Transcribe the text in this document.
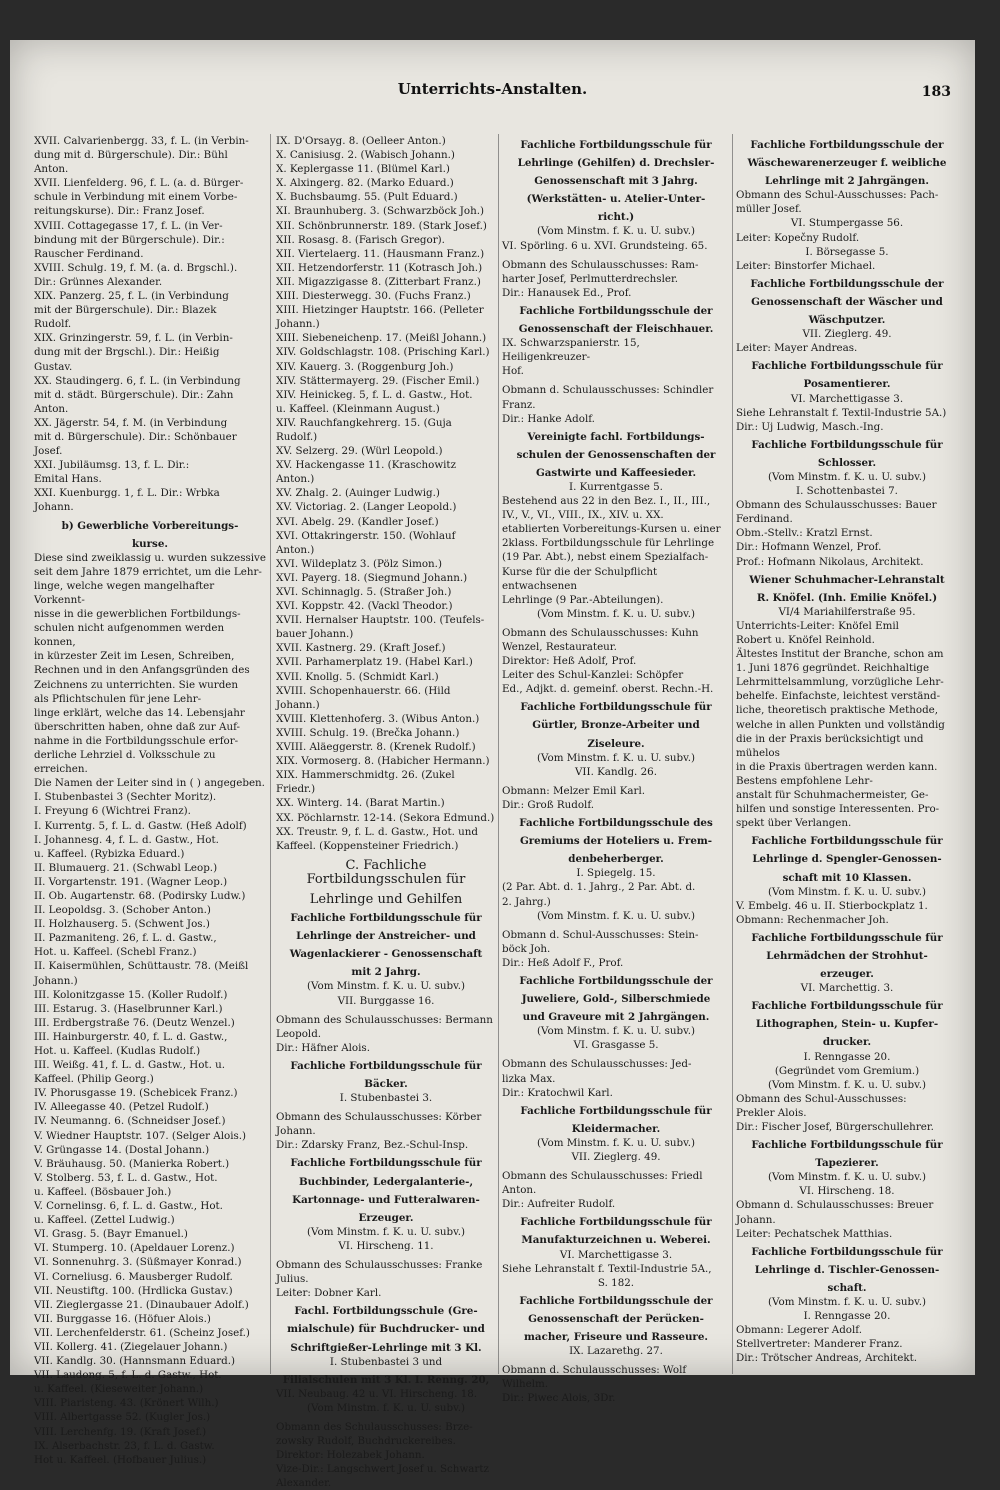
Unterrichts-Anstalten.	183
XVII. Calvarienbergg. 33, f. L. (in Verbin-
dung mit d. Bürgerschule). Dir.: Bühl
Anton.
XVII. Lienfelderg. 96, f. L. (a. d. Bürger-
schule in Verbindung mit einem Vorbe-
reitungskurse). Dir.: Franz Josef.
XVIII. Cottagegasse 17, f. L. (in Ver-
bindung mit der Bürgerschule). Dir.:
Rauscher Ferdinand.
XVIII. Schulg. 19, f. M. (a. d. Brgschl.).
Dir.: Grünnes Alexander.
XIX. Panzerg. 25, f. L. (in Verbindung
mit der Bürgerschule). Dir.: Blazek
Rudolf.
XIX. Grinzingerstr. 59, f. L. (in Verbin-
dung mit der Brgschl.). Dir.: Heißig
Gustav.
XX. Staudingerg. 6, f. L. (in Verbindung
mit d. städt. Bürgerschule). Dir.: Zahn
Anton.
XX. Jägerstr. 54, f. M. (in Verbindung
mit d. Bürgerschule). Dir.: Schönbauer
Josef.
XXI. Jubiläumsg. 13, f. L. Dir.:
Emital Hans.
XXI. Kuenburgg. 1, f. L. Dir.: Wrbka
Johann.
b) Gewerbliche Vorbereitungs-
kurse.
Diese sind zweiklassig u. wurden sukzessive
seit dem Jahre 1879 errichtet, um die Lehr-
linge, welche wegen mangelhafter Vorkennt-
nisse in die gewerblichen Fortbildungs-
schulen nicht aufgenommen werden konnen,
in kürzester Zeit im Lesen, Schreiben,
Rechnen und in den Anfangsgründen des
Zeichnens zu unterrichten. Sie wurden
als Pflichtschulen für jene Lehr-
linge erklärt, welche das 14. Lebensjahr
überschritten haben, ohne daß zur Auf-
nahme in die Fortbildungsschule erfor-
derliche Lehrziel d. Volksschule zu erreichen.
Die Namen der Leiter sind in ( ) angegeben.
I. Stubenbastei 3 (Sechter Moritz).
I. Freyung 6 (Wichtrei Franz).
I. Kurrentg. 5, f. L. d. Gastw. (Heß Adolf)
I. Johannesg. 4, f. L. d. Gastw., Hot.
u. Kaffeel. (Rybizka Eduard.)
II. Blumauerg. 21. (Schwabl Leop.)
II. Vorgartenstr. 191. (Wagner Leop.)
II. Ob. Augartenstr. 68. (Podirsky Ludw.)
II. Leopoldsg. 3. (Schober Anton.)
II. Holzhauserg. 5. (Schwent Jos.)
II. Pazmaniteng. 26, f. L. d. Gastw.,
Hot. u. Kaffeel. (Schebl Franz.)
II. Kaisermühlen, Schüttaustr. 78. (Meißl
Johann.)
III. Kolonitzgasse 15. (Koller Rudolf.)
III. Estarug. 3. (Haselbrunner Karl.)
III. Erdbergstraße 76. (Deutz Wenzel.)
III. Hainburgerstr. 40, f. L. d. Gastw.,
Hot. u. Kaffeel. (Kudlas Rudolf.)
III. Weißg. 41, f. L. d. Gastw., Hot. u.
Kaffeel. (Philip Georg.)
IV. Phorusgasse 19. (Schebicek Franz.)
IV. Alleegasse 40. (Petzel Rudolf.)
IV. Neumanng. 6. (Schneidser Josef.)
V. Wiedner Hauptstr. 107. (Selger Alois.)
V. Grüngasse 14. (Dostal Johann.)
V. Bräuhausg. 50. (Manierka Robert.)
V. Stolberg. 53, f. L. d. Gastw., Hot.
u. Kaffeel. (Bösbauer Joh.)
V. Cornelinsg. 6, f. L. d. Gastw., Hot.
u. Kaffeel. (Zettel Ludwig.)
VI. Grasg. 5. (Bayr Emanuel.)
VI. Stumperg. 10. (Apeldauer Lorenz.)
VI. Sonnenuhrg. 3. (Süßmayer Konrad.)
VI. Corneliusg. 6. Mausberger Rudolf.
VII. Neustiftg. 100. (Hrdlicka Gustav.)
VII. Zieglergasse 21. (Dinaubauer Adolf.)
VII. Burggasse 16. (Höfuer Alois.)
VII. Lerchenfelderstr. 61. (Scheinz Josef.)
VII. Kollerg. 41. (Ziegelauer Johann.)
VII. Kandlg. 30. (Hannsmann Eduard.)
VII. Laudong. 5, f. L. d. Gastw., Hot.
u. Kaffeel. (Kieseweiter Johann.)
VIII. Piaristeng. 43. (Krönert Wilh.)
VIII. Albertgasse 52. (Kugler Jos.)
VIII. Lerchenfg. 19. (Kraft Josef.)
IX. Alserbachstr. 23, f. L. d. Gastw.
Hot u. Kaffeel. (Hofbauer Julius.)
IX. D'Orsayg. 8. (Oelleer Anton.)
X. Canisiusg. 2. (Wabisch Johann.)
X. Keplergasse 11. (Blümel Karl.)
X. Alxingerg. 82. (Marko Eduard.)
X. Buchsbaumg. 55. (Pult Eduard.)
XI. Braunhuberg. 3. (Schwarzböck Joh.)
XII. Schönbrunnerstr. 189. (Stark Josef.)
XII. Rosasg. 8. (Farisch Gregor).
XII. Viertelaerg. 11. (Hausmann Franz.)
XII. Hetzendorferstr. 11 (Kotrasch Joh.)
XII. Migazzigasse 8. (Zitterbart Franz.)
XIII. Diesterwegg. 30. (Fuchs Franz.)
XIII. Hietzinger Hauptstr. 166. (Pelleter
Johann.)
XIII. Siebeneichenp. 17. (Meißl Johann.)
XIV. Goldschlagstr. 108. (Prisching Karl.)
XIV. Kauerg. 3. (Roggenburg Joh.)
XIV. Stättermayerg. 29. (Fischer Emil.)
XIV. Heinickeg. 5, f. L. d. Gastw., Hot.
u. Kaffeel. (Kleinmann August.)
XIV. Rauchfangkehrerg. 15. (Guja Rudolf.)
XV. Selzerg. 29. (Würl Leopold.)
XV. Hackengasse 11. (Kraschowitz Anton.)
XV. Zhalg. 2. (Auinger Ludwig.)
XV. Victoriag. 2. (Langer Leopold.)
XVI. Abelg. 29. (Kandler Josef.)
XVI. Ottakringerstr. 150. (Wohlauf Anton.)
XVI. Wildeplatz 3. (Pölz Simon.)
XVI. Payerg. 18. (Siegmund Johann.)
XVI. Schinnaglg. 5. (Straßer Joh.)
XVI. Koppstr. 42. (Vackl Theodor.)
XVII. Hernalser Hauptstr. 100. (Teufels-
bauer Johann.)
XVII. Kastnerg. 29. (Kraft Josef.)
XVII. Parhamerplatz 19. (Habel Karl.)
XVII. Knollg. 5. (Schmidt Karl.)
XVIII. Schopenhauerstr. 66. (Hild Johann.)
XVIII. Klettenhoferg. 3. (Wibus Anton.)
XVIII. Schulg. 19. (Brečka Johann.)
XVIII. Aläeggerstr. 8. (Krenek Rudolf.)
XIX. Vormoserg. 8. (Habicher Hermann.)
XIX. Hammerschmidtg. 26. (Zukel Friedr.)
XX. Winterg. 14. (Barat Martin.)
XX. Pöchlarnstr. 12-14. (Sekora Edmund.)
XX. Treustr. 9, f. L. d. Gastw., Hot. und
Kaffeel. (Koppensteiner Friedrich.)
C. Fachliche Fortbildungsschulen für
Lehrlinge und Gehilfen
Fachliche Fortbildungsschule für
Lehrlinge der Anstreicher- und
Wagenlackierer - Genossenschaft
mit 2 Jahrg.
(Vom Minstm. f. K. u. U. subv.)
VII. Burggasse 16.
Obmann des Schulausschusses: Bermann
Leopold.
Dir.: Häfner Alois.
Fachliche Fortbildungsschule für
Bäcker.
I. Stubenbastei 3.
Obmann des Schulausschusses: Körber
Johann.
Dir.: Zdarsky Franz, Bez.-Schul-Insp.
Fachliche Fortbildungsschule für
Buchbinder, Ledergalanterie-,
Kartonnage- und Futteralwaren-
Erzeuger.
(Vom Minstm. f. K. u. U. subv.)
VI. Hirscheng. 11.
Obmann des Schulausschusses: Franke
Julius.
Leiter: Dobner Karl.
Fachl. Fortbildungsschule (Gre-
mialschule) für Buchdrucker- und
Schriftgießer-Lehrlinge mit 3 Kl.
I. Stubenbastei 3 und
Filialschulen mit 3 Kl. I. Renng. 20,
VII. Neubaug. 42 u. VI. Hirscheng. 18.
(Vom Minstm. f. K. u. U. subv.)
Obmann des Schulausschusses: Brze-
zowsky Rudolf, Buchdruckereibes.
Direktor: Holezabek Johann.
Vize-Dir.: Langschwert Josef u. Schwartz
Alexander.
Fachliche Fortbildungsschule für
Lehrlinge (Gehilfen) d. Drechsler-
Genossenschaft mit 3 Jahrg.
(Werkstätten- u. Atelier-Unter-
richt.)
(Vom Minstm. f. K. u. U. subv.)
VI. Spörling. 6 u. XVI. Grundsteing. 65.
Obmann des Schulausschusses: Ram-
harter Josef, Perlmutterdrechsler.
Dir.: Hanausek Ed., Prof.
Fachliche Fortbildungsschule der
Genossenschaft der Fleischhauer.
IX. Schwarzspanierstr. 15, Heiligenkreuzer-
Hof.
Obmann d. Schulausschusses: Schindler
Franz.
Dir.: Hanke Adolf.
Vereinigte fachl. Fortbildungs-
schulen der Genossenschaften der
Gastwirte und Kaffeesieder.
I. Kurrentgasse 5.
Bestehend aus 22 in den Bez. I., II., III.,
IV., V., VI., VIII., IX., XIV. u. XX.
etablierten Vorbereitungs-Kursen u. einer
2klass. Fortbildungsschule für Lehrlinge
(19 Par. Abt.), nebst einem Spezialfach-
Kurse für die der Schulpflicht entwachsenen
Lehrlinge (9 Par.-Abteilungen).
(Vom Minstm. f. K. u. U. subv.)
Obmann des Schulausschusses: Kuhn
Wenzel, Restaurateur.
Direktor: Heß Adolf, Prof.
Leiter des Schul-Kanzlei: Schöpfer
Ed., Adjkt. d. gemeinf. oberst. Rechn.-H.
Fachliche Fortbildungsschule für
Gürtler, Bronze-Arbeiter und
Ziseleure.
(Vom Minstm. f. K. u. U. subv.)
VII. Kandlg. 26.
Obmann: Melzer Emil Karl.
Dir.: Groß Rudolf.
Fachliche Fortbildungsschule des
Gremiums der Hoteliers u. Frem-
denbeherberger.
I. Spiegelg. 15.
(2 Par. Abt. d. 1. Jahrg., 2 Par. Abt. d.
2. Jahrg.)
(Vom Minstm. f. K. u. U. subv.)
Obmann d. Schul-Ausschusses: Stein-
böck Joh.
Dir.: Heß Adolf F., Prof.
Fachliche Fortbildungsschule der
Juweliere, Gold-, Silberschmiede
und Graveure mit 2 Jahrgängen.
(Vom Minstm. f. K. u. U. subv.)
VI. Grasgasse 5.
Obmann des Schulausschusses: Jed-
lizka Max.
Dir.: Kratochwil Karl.
Fachliche Fortbildungsschule für
Kleidermacher.
(Vom Minstm. f. K. u. U. subv.)
VII. Zieglerg. 49.
Obmann des Schulausschusses: Friedl
Anton.
Dir.: Aufreiter Rudolf.
Fachliche Fortbildungsschule für
Manufakturzeichnen u. Weberei.
VI. Marchettigasse 3.
Siehe Lehranstalt f. Textil-Industrie 5A.,
S. 182.
Fachliche Fortbildungsschule der
Genossenschaft der Perücken-
macher, Friseure und Rasseure.
IX. Lazarethg. 27.
Obmann d. Schulausschusses: Wolf
Wilhelm.
Dir.: Piwec Alois, 3Dr.
Fachliche Fortbildungsschule der
Wäschewarenerzeuger f. weibliche
Lehrlinge mit 2 Jahrgängen.
Obmann des Schul-Ausschusses: Pach-
müller Josef.
VI. Stumpergasse 56.
Leiter: Kopečny Rudolf.
I. Börsegasse 5.
Leiter: Binstorfer Michael.
Fachliche Fortbildungsschule der
Genossenschaft der Wäscher und
Wäschputzer.
VII. Zieglerg. 49.
Leiter: Mayer Andreas.
Fachliche Fortbildungsschule für
Posamentierer.
VI. Marchettigasse 3.
Siehe Lehranstalt f. Textil-Industrie 5A.)
Dir.: Uj Ludwig, Masch.-Ing.
Fachliche Fortbildungsschule für
Schlosser.
(Vom Minstm. f. K. u. U. subv.)
I. Schottenbastei 7.
Obmann des Schulausschusses: Bauer
Ferdinand.
Obm.-Stellv.: Kratzl Ernst.
Dir.: Hofmann Wenzel, Prof.
Prof.: Hofmann Nikolaus, Architekt.
Wiener Schuhmacher-Lehranstalt
R. Knöfel. (Inh. Emilie Knöfel.)
VI/4 Mariahilferstraße 95.
Unterrichts-Leiter: Knöfel Emil
Robert u. Knöfel Reinhold.
Ältestes Institut der Branche, schon am
1. Juni 1876 gegründet. Reichhaltige
Lehrmittelsammlung, vorzügliche Lehr-
behelfe. Einfachste, leichtest verständ-
liche, theoretisch praktische Methode,
welche in allen Punkten und vollständig
die in der Praxis berücksichtigt und mühelos
in die Praxis übertragen werden kann.
Bestens empfohlene Lehr-
anstalt für Schuhmachermeister, Ge-
hilfen und sonstige Interessenten. Pro-
spekt über Verlangen.
Fachliche Fortbildungsschule für
Lehrlinge d. Spengler-Genossen-
schaft mit 10 Klassen.
(Vom Minstm. f. K. u. U. subv.)
V. Embelg. 46 u. II. Stierbockplatz 1.
Obmann: Rechenmacher Joh.
Fachliche Fortbildungsschule für
Lehrmädchen der Strohhut-
erzeuger.
VI. Marchettig. 3.
Fachliche Fortbildungsschule für
Lithographen, Stein- u. Kupfer-
drucker.
I. Renngasse 20.
(Gegründet vom Gremium.)
(Vom Minstm. f. K. u. U. subv.)
Obmann des Schul-Ausschusses:
Prekler Alois.
Dir.: Fischer Josef, Bürgerschullehrer.
Fachliche Fortbildungsschule für
Tapezierer.
(Vom Minstm. f. K. u. U. subv.)
VI. Hirscheng. 18.
Obmann d. Schulausschusses: Breuer
Johann.
Leiter: Pechatschek Matthias.
Fachliche Fortbildungsschule für
Lehrlinge d. Tischler-Genossen-
schaft.
(Vom Minstm. f. K. u. U. subv.)
I. Renngasse 20.
Obmann: Legerer Adolf.
Stellvertreter: Manderer Franz.
Dir.: Trötscher Andreas, Architekt.
